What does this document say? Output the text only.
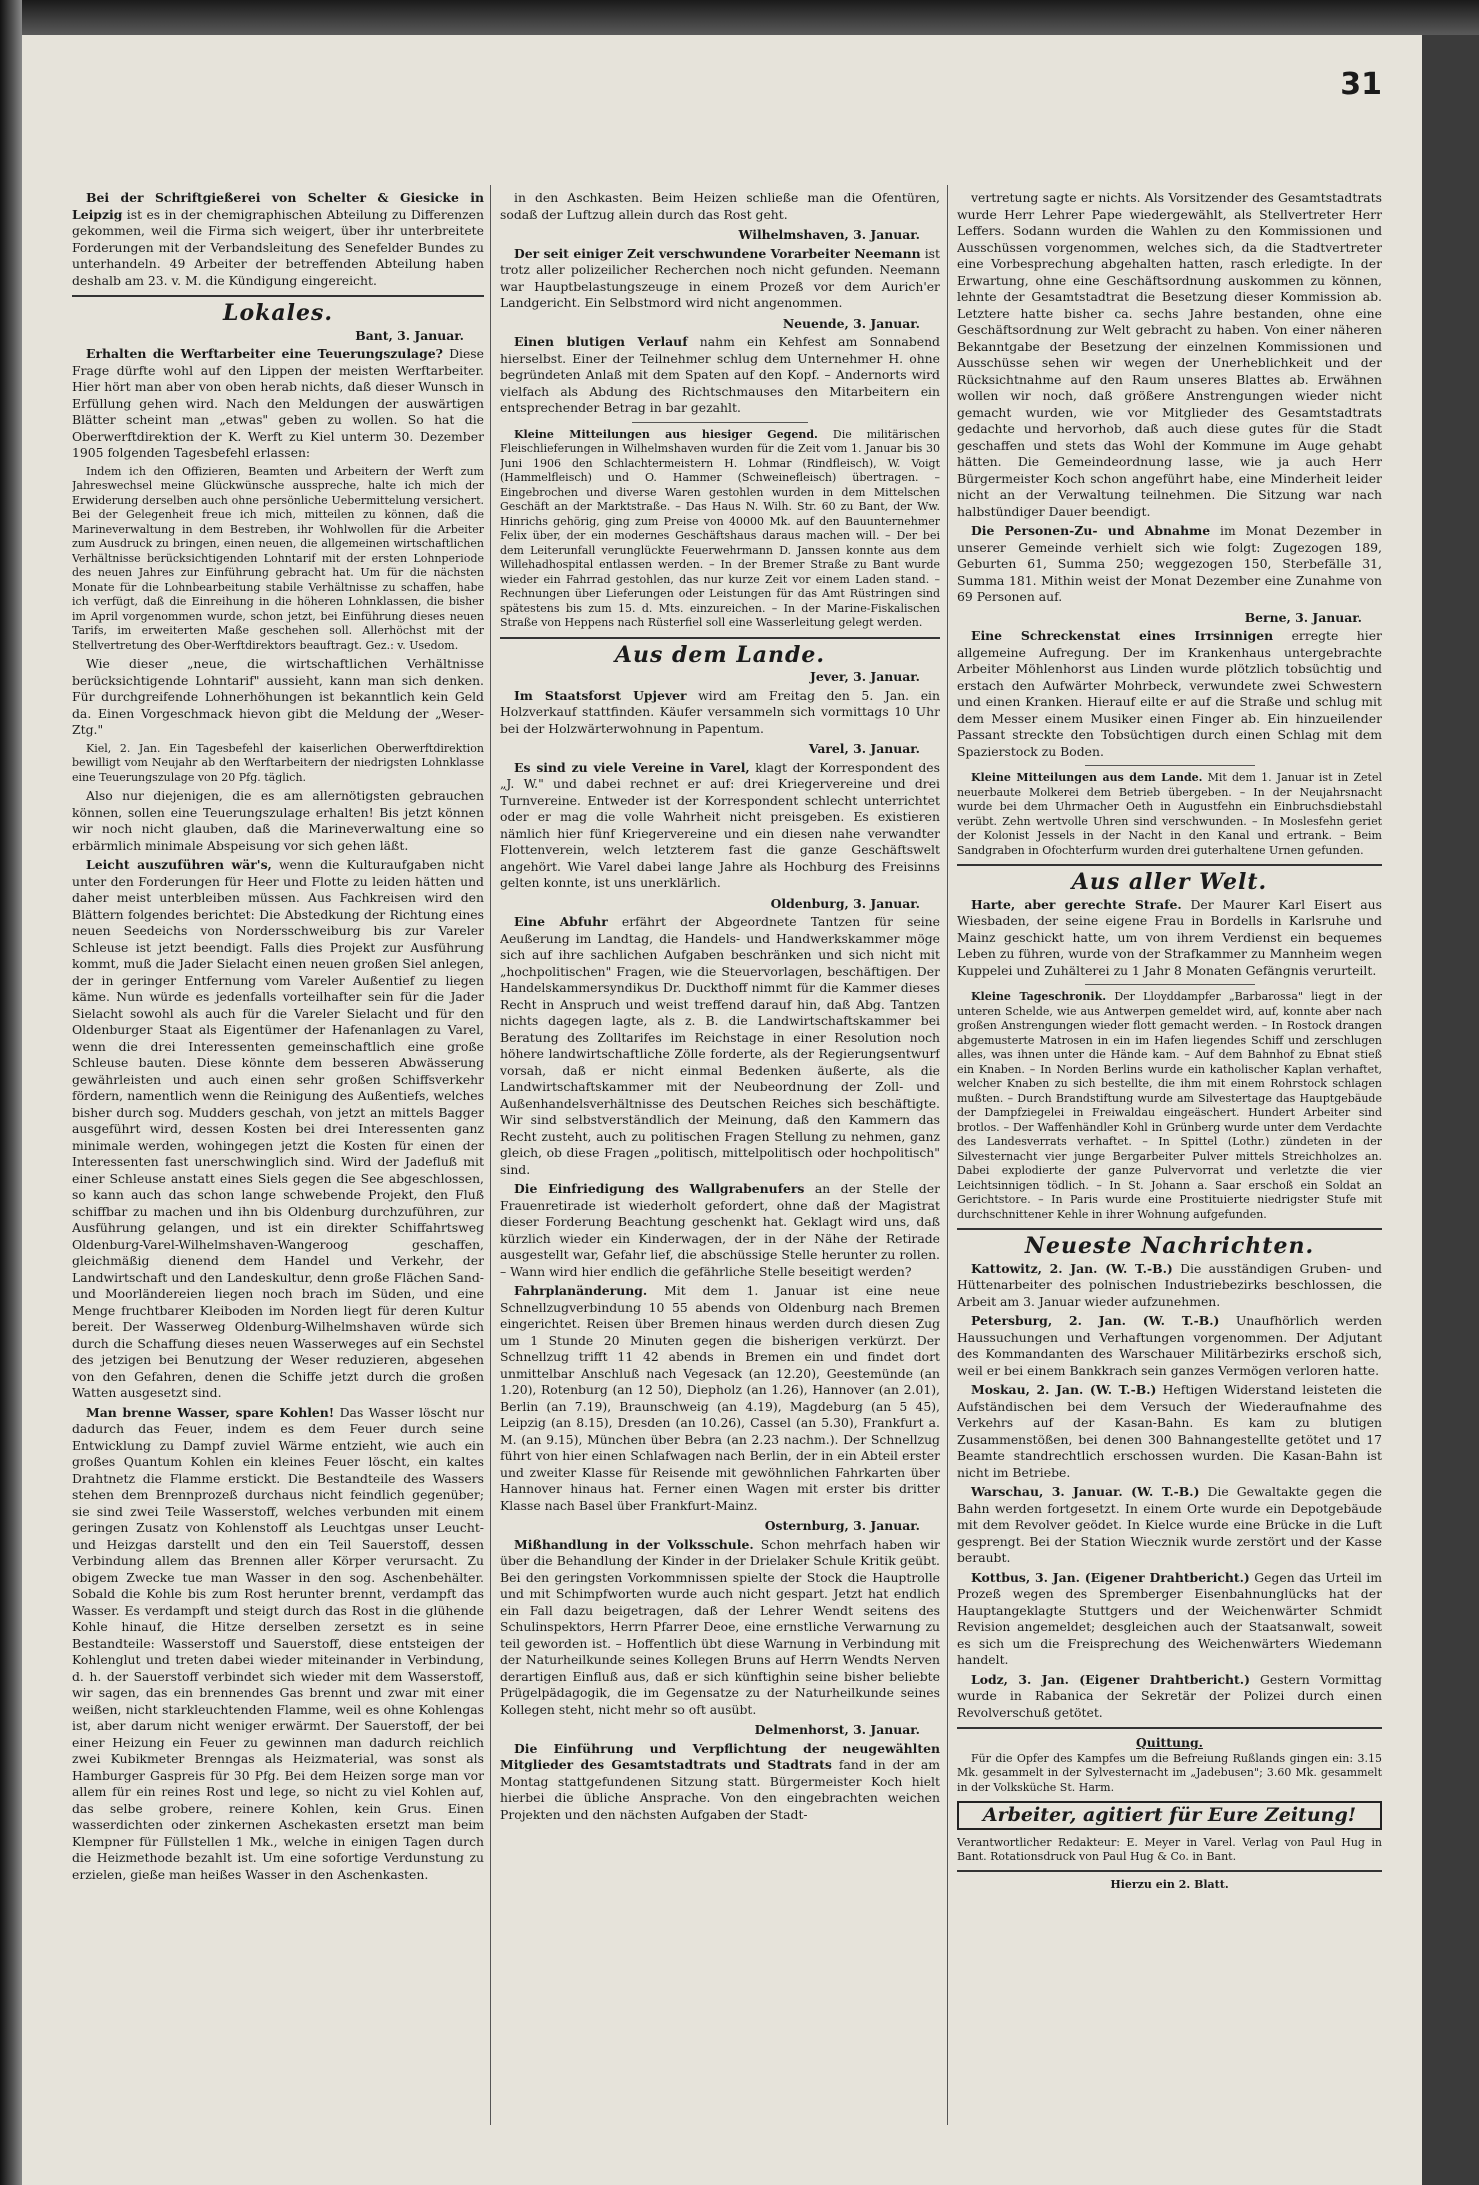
31

Bei der Schriftgießerei von Schelter & Giesicke in Leipzig ist es in der chemigraphischen Abteilung zu Differenzen gekommen, weil die Firma sich weigert, über ihr unterbreitete Forderungen mit der Verbandsleitung des Senefelder Bundes zu unterhandeln. 49 Arbeiter der betreffenden Abteilung haben deshalb am 23. v. M. die Kündigung eingereicht.

Lokales.
Bant, 3. Januar.

Erhalten die Werftarbeiter eine Teuerungszulage? Diese Frage dürfte wohl auf den Lippen der meisten Werftarbeiter. Hier hört man aber von oben herab nichts, daß dieser Wunsch in Erfüllung gehen wird. Nach den Meldungen der auswärtigen Blätter scheint man „etwas" geben zu wollen. So hat die Oberwerftdirektion der K. Werft zu Kiel unterm 30. Dezember 1905 folgenden Tagesbefehl erlassen:

Indem ich den Offizieren, Beamten und Arbeitern der Werft zum Jahreswechsel meine Glückwünsche ausspreche, halte ich mich der Erwiderung derselben auch ohne persönliche Uebermittelung versichert. Bei der Gelegenheit freue ich mich, mitteilen zu können, daß die Marineverwaltung in dem Bestreben, ihr Wohlwollen für die Arbeiter zum Ausdruck zu bringen, einen neuen, die allgemeinen wirtschaftlichen Verhältnisse berücksichtigenden Lohntarif mit der ersten Lohnperiode des neuen Jahres zur Einführung gebracht hat. Um für die nächsten Monate für die Lohnbearbeitung stabile Verhältnisse zu schaffen, habe ich verfügt, daß die Einreihung in die höheren Lohnklassen, die bisher im April vorgenommen wurde, schon jetzt, bei Einführung dieses neuen Tarifs, im erweiterten Maße geschehen soll. Allerhöchst mit der Stellvertretung des Ober-Werftdirektors beauftragt. Gez.: v. Usedom.

Wie dieser „neue, die wirtschaftlichen Verhältnisse berücksichtigende Lohntarif" aussieht, kann man sich denken. Für durchgreifende Lohnerhöhungen ist bekanntlich kein Geld da. Einen Vorgeschmack hievon gibt die Meldung der „Weser-Ztg."

Kiel, 2. Jan. Ein Tagesbefehl der kaiserlichen Oberwerftdirektion bewilligt vom Neujahr ab den Werftarbeitern der niedrigsten Lohnklasse eine Teuerungszulage von 20 Pfg. täglich.

Also nur diejenigen, die es am allernötigsten gebrauchen können, sollen eine Teuerungszulage erhalten! Bis jetzt können wir noch nicht glauben, daß die Marineverwaltung eine so erbärmlich minimale Abspeisung vor sich gehen läßt.

Leicht auszuführen wär's, wenn die Kulturaufgaben nicht unter den Forderungen für Heer und Flotte zu leiden hätten und daher meist unterbleiben müssen. Aus Fachkreisen wird den Blättern folgendes berichtet: Die Abstedkung der Richtung eines neuen Seedeichs von Nordersschweiburg bis zur Vareler Schleuse ist jetzt beendigt. Falls dies Projekt zur Ausführung kommt, muß die Jader Sielacht einen neuen großen Siel anlegen, der in geringer Entfernung vom Vareler Außentief zu liegen käme. Nun würde es jedenfalls vorteilhafter sein für die Jader Sielacht sowohl als auch für die Vareler Sielacht und für den Oldenburger Staat als Eigentümer der Hafenanlagen zu Varel, wenn die drei Interessenten gemeinschaftlich eine große Schleuse bauten. Diese könnte dem besseren Abwässerung gewährleisten und auch einen sehr großen Schiffsverkehr fördern, namentlich wenn die Reinigung des Außentiefs, welches bisher durch sog. Mudders geschah, von jetzt an mittels Bagger ausgeführt wird, dessen Kosten bei drei Interessenten ganz minimale werden, wohingegen jetzt die Kosten für einen der Interessenten fast unerschwinglich sind. Wird der Jadefluß mit einer Schleuse anstatt eines Siels gegen die See abgeschlossen, so kann auch das schon lange schwebende Projekt, den Fluß schiffbar zu machen und ihn bis Oldenburg durchzuführen, zur Ausführung gelangen, und ist ein direkter Schiffahrtsweg Oldenburg-Varel-Wilhelmshaven-Wangeroog geschaffen, gleichmäßig dienend dem Handel und Verkehr, der Landwirtschaft und den Landeskultur, denn große Flächen Sand- und Moorländereien liegen noch brach im Süden, und eine Menge fruchtbarer Kleiboden im Norden liegt für deren Kultur bereit. Der Wasserweg Oldenburg-Wilhelmshaven würde sich durch die Schaffung dieses neuen Wasserweges auf ein Sechstel des jetzigen bei Benutzung der Weser reduzieren, abgesehen von den Gefahren, denen die Schiffe jetzt durch die großen Watten ausgesetzt sind.

Man brenne Wasser, spare Kohlen! Das Wasser löscht nur dadurch das Feuer, indem es dem Feuer durch seine Entwicklung zu Dampf zuviel Wärme entzieht, wie auch ein großes Quantum Kohlen ein kleines Feuer löscht, ein kaltes Drahtnetz die Flamme erstickt. Die Bestandteile des Wassers stehen dem Brennprozeß durchaus nicht feindlich gegenüber; sie sind zwei Teile Wasserstoff, welches verbunden mit einem geringen Zusatz von Kohlenstoff als Leuchtgas unser Leucht- und Heizgas darstellt und den ein Teil Sauerstoff, dessen Verbindung allem das Brennen aller Körper verursacht. Zu obigem Zwecke tue man Wasser in den sog. Aschenbehälter. Sobald die Kohle bis zum Rost herunter brennt, verdampft das Wasser. Es verdampft und steigt durch das Rost in die glühende Kohle hinauf, die Hitze derselben zersetzt es in seine Bestandteile: Wasserstoff und Sauerstoff, diese entsteigen der Kohlenglut und treten dabei wieder miteinander in Verbindung, d. h. der Sauerstoff verbindet sich wieder mit dem Wasserstoff, wir sagen, das ein brennendes Gas brennt und zwar mit einer weißen, nicht starkleuchtenden Flamme, weil es ohne Kohlengas ist, aber darum nicht weniger erwärmt. Der Sauerstoff, der bei einer Heizung ein Feuer zu gewinnen man dadurch reichlich zwei Kubikmeter Brenngas als Heizmaterial, was sonst als Hamburger Gaspreis für 30 Pfg. Bei dem Heizen sorge man vor allem für ein reines Rost und lege, so nicht zu viel Kohlen auf, das selbe grobere, reinere Kohlen, kein Grus. Einen wasserdichten oder zinkernen Aschekasten ersetzt man beim Klempner für Füllstellen 1 Mk., welche in einigen Tagen durch die Heizmethode bezahlt ist. Um eine sofortige Verdunstung zu erzielen, gieße man heißes Wasser in den Aschenkasten.

in den Aschkasten. Beim Heizen schließe man die Ofentüren, sodaß der Luftzug allein durch das Rost geht.

Wilhelmshaven, 3. Januar.

Der seit einiger Zeit verschwundene Vorarbeiter Neemann ist trotz aller polizeilicher Recherchen noch nicht gefunden. Neemann war Hauptbelastungszeuge in einem Prozeß vor dem Aurich'er Landgericht. Ein Selbstmord wird nicht angenommen.

Neuende, 3. Januar.

Einen blutigen Verlauf nahm ein Kehfest am Sonnabend hierselbst. Einer der Teilnehmer schlug dem Unternehmer H. ohne begründeten Anlaß mit dem Spaten auf den Kopf. – Andernorts wird vielfach als Abdung des Richtschmauses den Mitarbeitern ein entsprechender Betrag in bar gezahlt.

Kleine Mitteilungen aus hiesiger Gegend. Die militärischen Fleischlieferungen in Wilhelmshaven wurden für die Zeit vom 1. Januar bis 30 Juni 1906 den Schlachtermeistern H. Lohmar (Rindfleisch), W. Voigt (Hammelfleisch) und O. Hammer (Schweinefleisch) übertragen. – Eingebrochen und diverse Waren gestohlen wurden in dem Mittelschen Geschäft an der Marktstraße. – Das Haus N. Wilh. Str. 60 zu Bant, der Ww. Hinrichs gehörig, ging zum Preise von 40000 Mk. auf den Bauunternehmer Felix über, der ein modernes Geschäftshaus daraus machen will. – Der bei dem Leiterunfall verunglückte Feuerwehrmann D. Janssen konnte aus dem Willehadhospital entlassen werden. – In der Bremer Straße zu Bant wurde wieder ein Fahrrad gestohlen, das nur kurze Zeit vor einem Laden stand. – Rechnungen über Lieferungen oder Leistungen für das Amt Rüstringen sind spätestens bis zum 15. d. Mts. einzureichen. – In der Marine-Fiskalischen Straße von Heppens nach Rüsterfiel soll eine Wasserleitung gelegt werden.

Aus dem Lande.
Jever, 3. Januar.

Im Staatsforst Upjever wird am Freitag den 5. Jan. ein Holzverkauf stattfinden. Käufer versammeln sich vormittags 10 Uhr bei der Holzwärterwohnung in Papentum.

Varel, 3. Januar.

Es sind zu viele Vereine in Varel, klagt der Korrespondent des „J. W." und dabei rechnet er auf: drei Kriegervereine und drei Turnvereine. Entweder ist der Korrespondent schlecht unterrichtet oder er mag die volle Wahrheit nicht preisgeben. Es existieren nämlich hier fünf Kriegervereine und ein diesen nahe verwandter Flottenverein, welch letzterem fast die ganze Geschäftswelt angehört. Wie Varel dabei lange Jahre als Hochburg des Freisinns gelten konnte, ist uns unerklärlich.

Oldenburg, 3. Januar.

Eine Abfuhr erfährt der Abgeordnete Tantzen für seine Aeußerung im Landtag, die Handels- und Handwerkskammer möge sich auf ihre sachlichen Aufgaben beschränken und sich nicht mit „hochpolitischen" Fragen, wie die Steuervorlagen, beschäftigen. Der Handelskammersyndikus Dr. Duckthoff nimmt für die Kammer dieses Recht in Anspruch und weist treffend darauf hin, daß Abg. Tantzen nichts dagegen lagte, als z. B. die Landwirtschaftskammer bei Beratung des Zolltarifes im Reichstage in einer Resolution noch höhere landwirtschaftliche Zölle forderte, als der Regierungsentwurf vorsah, daß er nicht einmal Bedenken äußerte, als die Landwirtschaftskammer mit der Neubeordnung der Zoll- und Außenhandelsverhältnisse des Deutschen Reiches sich beschäftigte. Wir sind selbstverständlich der Meinung, daß den Kammern das Recht zusteht, auch zu politischen Fragen Stellung zu nehmen, ganz gleich, ob diese Fragen „politisch, mittelpolitisch oder hochpolitisch" sind.

Die Einfriedigung des Wallgrabenufers an der Stelle der Frauenretirade ist wiederholt gefordert, ohne daß der Magistrat dieser Forderung Beachtung geschenkt hat. Geklagt wird uns, daß kürzlich wieder ein Kinderwagen, der in der Nähe der Retirade ausgestellt war, Gefahr lief, die abschüssige Stelle herunter zu rollen. – Wann wird hier endlich die gefährliche Stelle beseitigt werden?

Fahrplanänderung. Mit dem 1. Januar ist eine neue Schnellzugverbindung 10 55 abends von Oldenburg nach Bremen eingerichtet. Reisen über Bremen hinaus werden durch diesen Zug um 1 Stunde 20 Minuten gegen die bisherigen verkürzt. Der Schnellzug trifft 11 42 abends in Bremen ein und findet dort unmittelbar Anschluß nach Vegesack (an 12.20), Geestemünde (an 1.20), Rotenburg (an 12 50), Diepholz (an 1.26), Hannover (an 2.01), Berlin (an 7.19), Braunschweig (an 4.19), Magdeburg (an 5 45), Leipzig (an 8.15), Dresden (an 10.26), Cassel (an 5.30), Frankfurt a. M. (an 9.15), München über Bebra (an 2.23 nachm.). Der Schnellzug führt von hier einen Schlafwagen nach Berlin, der in ein Abteil erster und zweiter Klasse für Reisende mit gewöhnlichen Fahrkarten über Hannover hinaus hat. Ferner einen Wagen mit erster bis dritter Klasse nach Basel über Frankfurt-Mainz.

Osternburg, 3. Januar.

Mißhandlung in der Volksschule. Schon mehrfach haben wir über die Behandlung der Kinder in der Drielaker Schule Kritik geübt. Bei den geringsten Vorkommnissen spielte der Stock die Hauptrolle und mit Schimpfworten wurde auch nicht gespart. Jetzt hat endlich ein Fall dazu beigetragen, daß der Lehrer Wendt seitens des Schulinspektors, Herrn Pfarrer Deoe, eine ernstliche Verwarnung zu teil geworden ist. – Hoffentlich übt diese Warnung in Verbindung mit der Naturheilkunde seines Kollegen Bruns auf Herrn Wendts Nerven derartigen Einfluß aus, daß er sich künftighin seine bisher beliebte Prügelpädagogik, die im Gegensatze zu der Naturheilkunde seines Kollegen steht, nicht mehr so oft ausübt.

Delmenhorst, 3. Januar.

Die Einführung und Verpflichtung der neugewählten Mitglieder des Gesamtstadtrats und Stadtrats fand in der am Montag stattgefundenen Sitzung statt. Bürgermeister Koch hielt hierbei die übliche Ansprache. Von den eingebrachten weichen Projekten und den nächsten Aufgaben der Stadt-

vertretung sagte er nichts. Als Vorsitzender des Gesamtstadtrats wurde Herr Lehrer Pape wiedergewählt, als Stellvertreter Herr Leffers. Sodann wurden die Wahlen zu den Kommissionen und Ausschüssen vorgenommen, welches sich, da die Stadtvertreter eine Vorbesprechung abgehalten hatten, rasch erledigte. In der Erwartung, ohne eine Geschäftsordnung auskommen zu können, lehnte der Gesamtstadtrat die Besetzung dieser Kommission ab. Letztere hatte bisher ca. sechs Jahre bestanden, ohne eine Geschäftsordnung zur Welt gebracht zu haben. Von einer näheren Bekanntgabe der Besetzung der einzelnen Kommissionen und Ausschüsse sehen wir wegen der Unerheblichkeit und der Rücksichtnahme auf den Raum unseres Blattes ab. Erwähnen wollen wir noch, daß größere Anstrengungen wieder nicht gemacht wurden, wie vor Mitglieder des Gesamtstadtrats gedachte und hervorhob, daß auch diese gutes für die Stadt geschaffen und stets das Wohl der Kommune im Auge gehabt hätten. Die Gemeindeordnung lasse, wie ja auch Herr Bürgermeister Koch schon angeführt habe, eine Minderheit leider nicht an der Verwaltung teilnehmen. Die Sitzung war nach halbstündiger Dauer beendigt.

Die Personen-Zu- und Abnahme im Monat Dezember in unserer Gemeinde verhielt sich wie folgt: Zugezogen 189, Geburten 61, Summa 250; weggezogen 150, Sterbefälle 31, Summa 181. Mithin weist der Monat Dezember eine Zunahme von 69 Personen auf.

Berne, 3. Januar.

Eine Schreckenstat eines Irrsinnigen erregte hier allgemeine Aufregung. Der im Krankenhaus untergebrachte Arbeiter Möhlenhorst aus Linden wurde plötzlich tobsüchtig und erstach den Aufwärter Mohrbeck, verwundete zwei Schwestern und einen Kranken. Hierauf eilte er auf die Straße und schlug mit dem Messer einem Musiker einen Finger ab. Ein hinzueilender Passant streckte den Tobsüchtigen durch einen Schlag mit dem Spazierstock zu Boden.

Kleine Mitteilungen aus dem Lande. Mit dem 1. Januar ist in Zetel neuerbaute Molkerei dem Betrieb übergeben. – In der Neujahrsnacht wurde bei dem Uhrmacher Oeth in Augustfehn ein Einbruchsdiebstahl verübt. Zehn wertvolle Uhren sind verschwunden. – In Moslesfehn geriet der Kolonist Jessels in der Nacht in den Kanal und ertrank. – Beim Sandgraben in Ofochterfurm wurden drei guterhaltene Urnen gefunden.

Aus aller Welt.

Harte, aber gerechte Strafe. Der Maurer Karl Eisert aus Wiesbaden, der seine eigene Frau in Bordells in Karlsruhe und Mainz geschickt hatte, um von ihrem Verdienst ein bequemes Leben zu führen, wurde von der Strafkammer zu Mannheim wegen Kuppelei und Zuhälterei zu 1 Jahr 8 Monaten Gefängnis verurteilt.

Kleine Tageschronik. Der Lloyddampfer „Barbarossa" liegt in der unteren Schelde, wie aus Antwerpen gemeldet wird, auf, konnte aber nach großen Anstrengungen wieder flott gemacht werden. – In Rostock drangen abgemusterte Matrosen in ein im Hafen liegendes Schiff und zerschlugen alles, was ihnen unter die Hände kam. – Auf dem Bahnhof zu Ebnat stieß ein Knaben. – In Norden Berlins wurde ein katholischer Kaplan verhaftet, welcher Knaben zu sich bestellte, die ihm mit einem Rohrstock schlagen mußten. – Durch Brandstiftung wurde am Silvestertage das Hauptgebäude der Dampfziegelei in Freiwaldau eingeäschert. Hundert Arbeiter sind brotlos. – Der Waffenhändler Kohl in Grünberg wurde unter dem Verdachte des Landesverrats verhaftet. – In Spittel (Lothr.) zündeten in der Silvesternacht vier junge Bergarbeiter Pulver mittels Streichholzes an. Dabei explodierte der ganze Pulvervorrat und verletzte die vier Leichtsinnigen tödlich. – In St. Johann a. Saar erschoß ein Soldat an Gerichtstore. – In Paris wurde eine Prostituierte niedrigster Stufe mit durchschnittener Kehle in ihrer Wohnung aufgefunden.

Neueste Nachrichten.

Kattowitz, 2. Jan. (W. T.-B.) Die ausständigen Gruben- und Hüttenarbeiter des polnischen Industriebezirks beschlossen, die Arbeit am 3. Januar wieder aufzunehmen.

Petersburg, 2. Jan. (W. T.-B.) Unaufhörlich werden Haussuchungen und Verhaftungen vorgenommen. Der Adjutant des Kommandanten des Warschauer Militärbezirks erschoß sich, weil er bei einem Bankkrach sein ganzes Vermögen verloren hatte.

Moskau, 2. Jan. (W. T.-B.) Heftigen Widerstand leisteten die Aufständischen bei dem Versuch der Wiederaufnahme des Verkehrs auf der Kasan-Bahn. Es kam zu blutigen Zusammenstößen, bei denen 300 Bahnangestellte getötet und 17 Beamte standrechtlich erschossen wurden. Die Kasan-Bahn ist nicht im Betriebe.

Warschau, 3. Januar. (W. T.-B.) Die Gewaltakte gegen die Bahn werden fortgesetzt. In einem Orte wurde ein Depotgebäude mit dem Revolver geödet. In Kielce wurde eine Brücke in die Luft gesprengt. Bei der Station Wiecznik wurde zerstört und der Kasse beraubt.

Kottbus, 3. Jan. (Eigener Drahtbericht.) Gegen das Urteil im Prozeß wegen des Spremberger Eisenbahnunglücks hat der Hauptangeklagte Stuttgers und der Weichenwärter Schmidt Revision angemeldet; desgleichen auch der Staatsanwalt, soweit es sich um die Freisprechung des Weichenwärters Wiedemann handelt.

Lodz, 3. Jan. (Eigener Drahtbericht.) Gestern Vormittag wurde in Rabanica der Sekretär der Polizei durch einen Revolverschuß getötet.

Quittung.

Für die Opfer des Kampfes um die Befreiung Rußlands gingen ein: 3.15 Mk. gesammelt in der Sylvesternacht im „Jadebusen"; 3.60 Mk. gesammelt in der Volksküche St. Harm.

Arbeiter, agitiert für Eure Zeitung!

Verantwortlicher Redakteur: E. Meyer in Varel. Verlag von Paul Hug in Bant. Rotationsdruck von Paul Hug & Co. in Bant.

Hierzu ein 2. Blatt.
